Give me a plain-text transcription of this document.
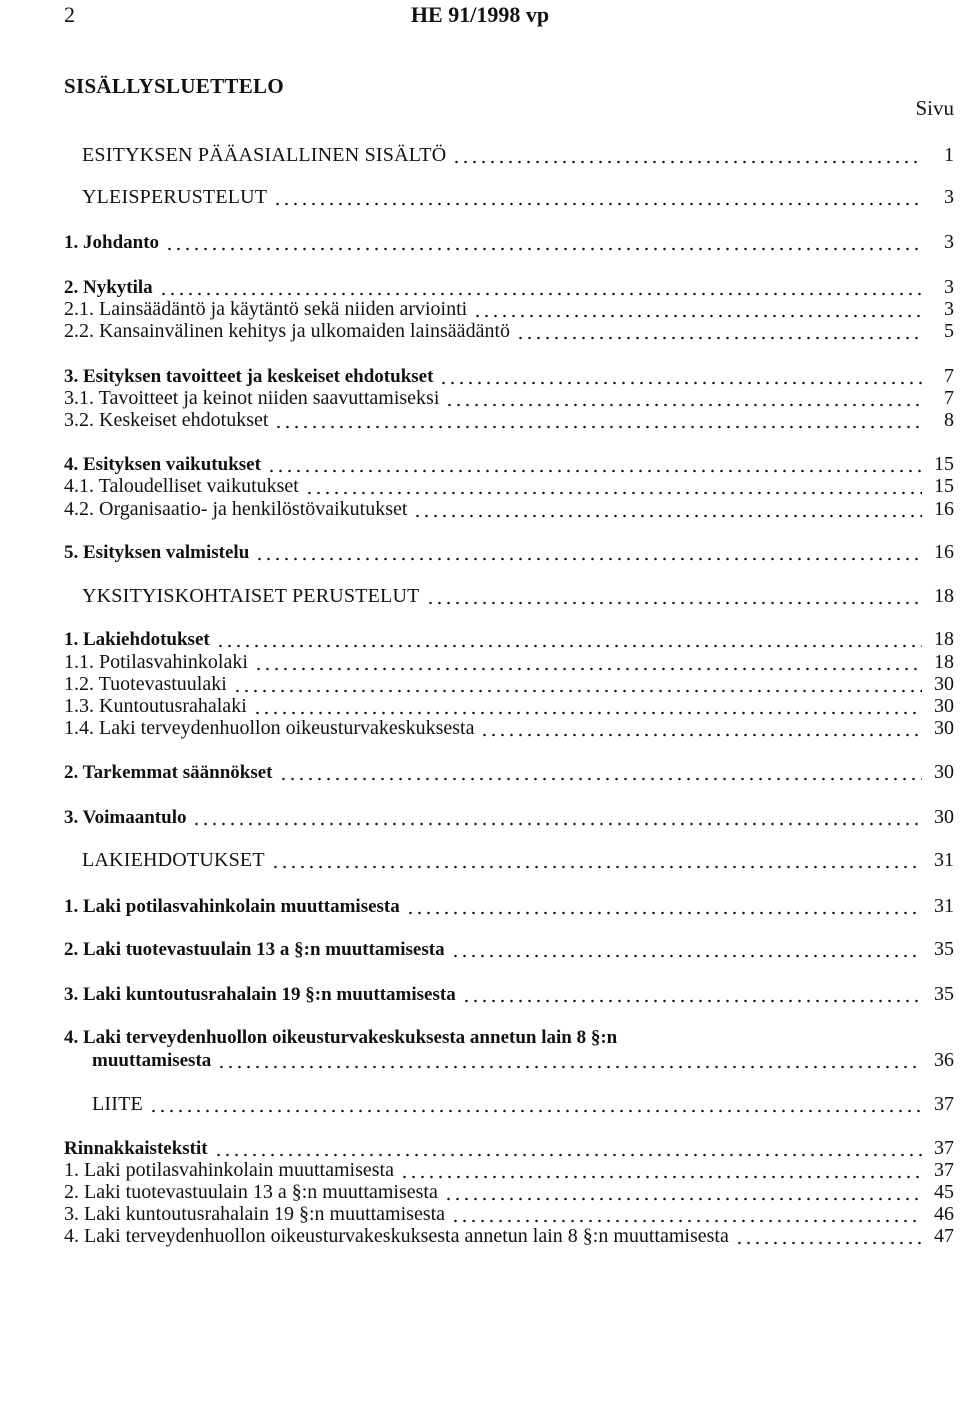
2	HE 91/1998 vp
SISÄLLYSLUETTELO
Sivu
ESITYKSEN PÄÄASIALLINEN SISÄLTÖ	1
YLEISPERUSTELUT	3
1. Johdanto	3
2. Nykytila	3
2.1. Lainsäädäntö ja käytäntö sekä niiden arviointi	3
2.2. Kansainvälinen kehitys ja ulkomaiden lainsäädäntö	5
3. Esityksen tavoitteet ja keskeiset ehdotukset	7
3.1. Tavoitteet ja keinot niiden saavuttamiseksi	7
3.2. Keskeiset ehdotukset	8
4. Esityksen vaikutukset	15
4.1. Taloudelliset vaikutukset	15
4.2. Organisaatio- ja henkilöstövaikutukset	16
5. Esityksen valmistelu	16
YKSITYISKOHTAISET PERUSTELUT	18
1. Lakiehdotukset	18
1.1. Potilasvahinkolaki	18
1.2. Tuotevastuulaki	30
1.3. Kuntoutusrahalaki	30
1.4. Laki terveydenhuollon oikeusturvakeskuksesta	30
2. Tarkemmat säännökset	30
3. Voimaantulo	30
LAKIEHDOTUKSET	31
1. Laki potilasvahinkolain muuttamisesta	31
2. Laki tuotevastuulain 13 a §:n muuttamisesta	35
3. Laki kuntoutusrahalain 19 §:n muuttamisesta	35
4. Laki terveydenhuollon oikeusturvakeskuksesta annetun lain 8 §:n
muuttamisesta	36
LIITE	37
Rinnakkaistekstit	37
1. Laki potilasvahinkolain muuttamisesta	37
2. Laki tuotevastuulain 13 a §:n muuttamisesta	45
3. Laki kuntoutusrahalain 19 §:n muuttamisesta	46
4. Laki terveydenhuollon oikeusturvakeskuksesta annetun lain 8 §:n muuttamisesta	47
